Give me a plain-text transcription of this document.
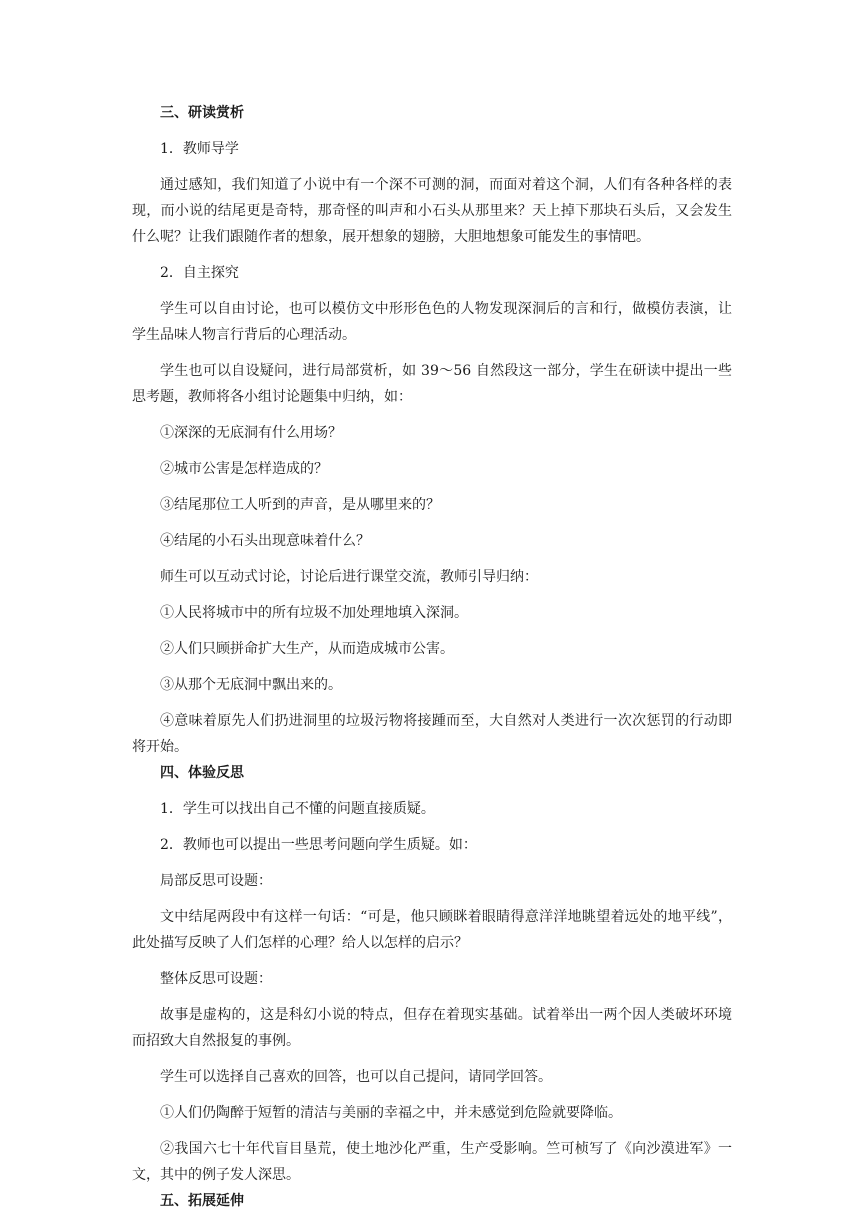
三、研读赏析

1．教师导学

通过感知，我们知道了小说中有一个深不可测的洞，而面对着这个洞，人们有各种各样的表现，而小说的结尾更是奇特，那奇怪的叫声和小石头从那里来？天上掉下那块石头后，又会发生什么呢？让我们跟随作者的想象，展开想象的翅膀，大胆地想象可能发生的事情吧。

2．自主探究

学生可以自由讨论，也可以模仿文中形形色色的人物发现深洞后的言和行，做模仿表演，让学生品味人物言行背后的心理活动。

学生也可以自设疑问，进行局部赏析，如 39～56 自然段这一部分，学生在研读中提出一些思考题，教师将各小组讨论题集中归纳，如：

①深深的无底洞有什么用场？

②城市公害是怎样造成的？

③结尾那位工人听到的声音，是从哪里来的？

④结尾的小石头出现意味着什么？

师生可以互动式讨论，讨论后进行课堂交流，教师引导归纳：

①人民将城市中的所有垃圾不加处理地填入深洞。

②人们只顾拼命扩大生产，从而造成城市公害。

③从那个无底洞中飘出来的。

④意味着原先人们扔进洞里的垃圾污物将接踵而至，大自然对人类进行一次次惩罚的行动即将开始。

四、体验反思

1．学生可以找出自己不懂的问题直接质疑。

2．教师也可以提出一些思考问题向学生质疑。如：

局部反思可设题：

文中结尾两段中有这样一句话：“可是，他只顾眯着眼睛得意洋洋地眺望着远处的地平线”，此处描写反映了人们怎样的心理？给人以怎样的启示？

整体反思可设题：

故事是虚构的，这是科幻小说的特点，但存在着现实基础。试着举出一两个因人类破坏环境而招致大自然报复的事例。

学生可以选择自己喜欢的回答，也可以自己提问，请同学回答。

①人们仍陶醉于短暂的清洁与美丽的幸福之中，并未感觉到危险就要降临。

②我国六七十年代盲目垦荒，使土地沙化严重，生产受影响。竺可桢写了《向沙漠进军》一文，其中的例子发人深思。

五、拓展延伸
